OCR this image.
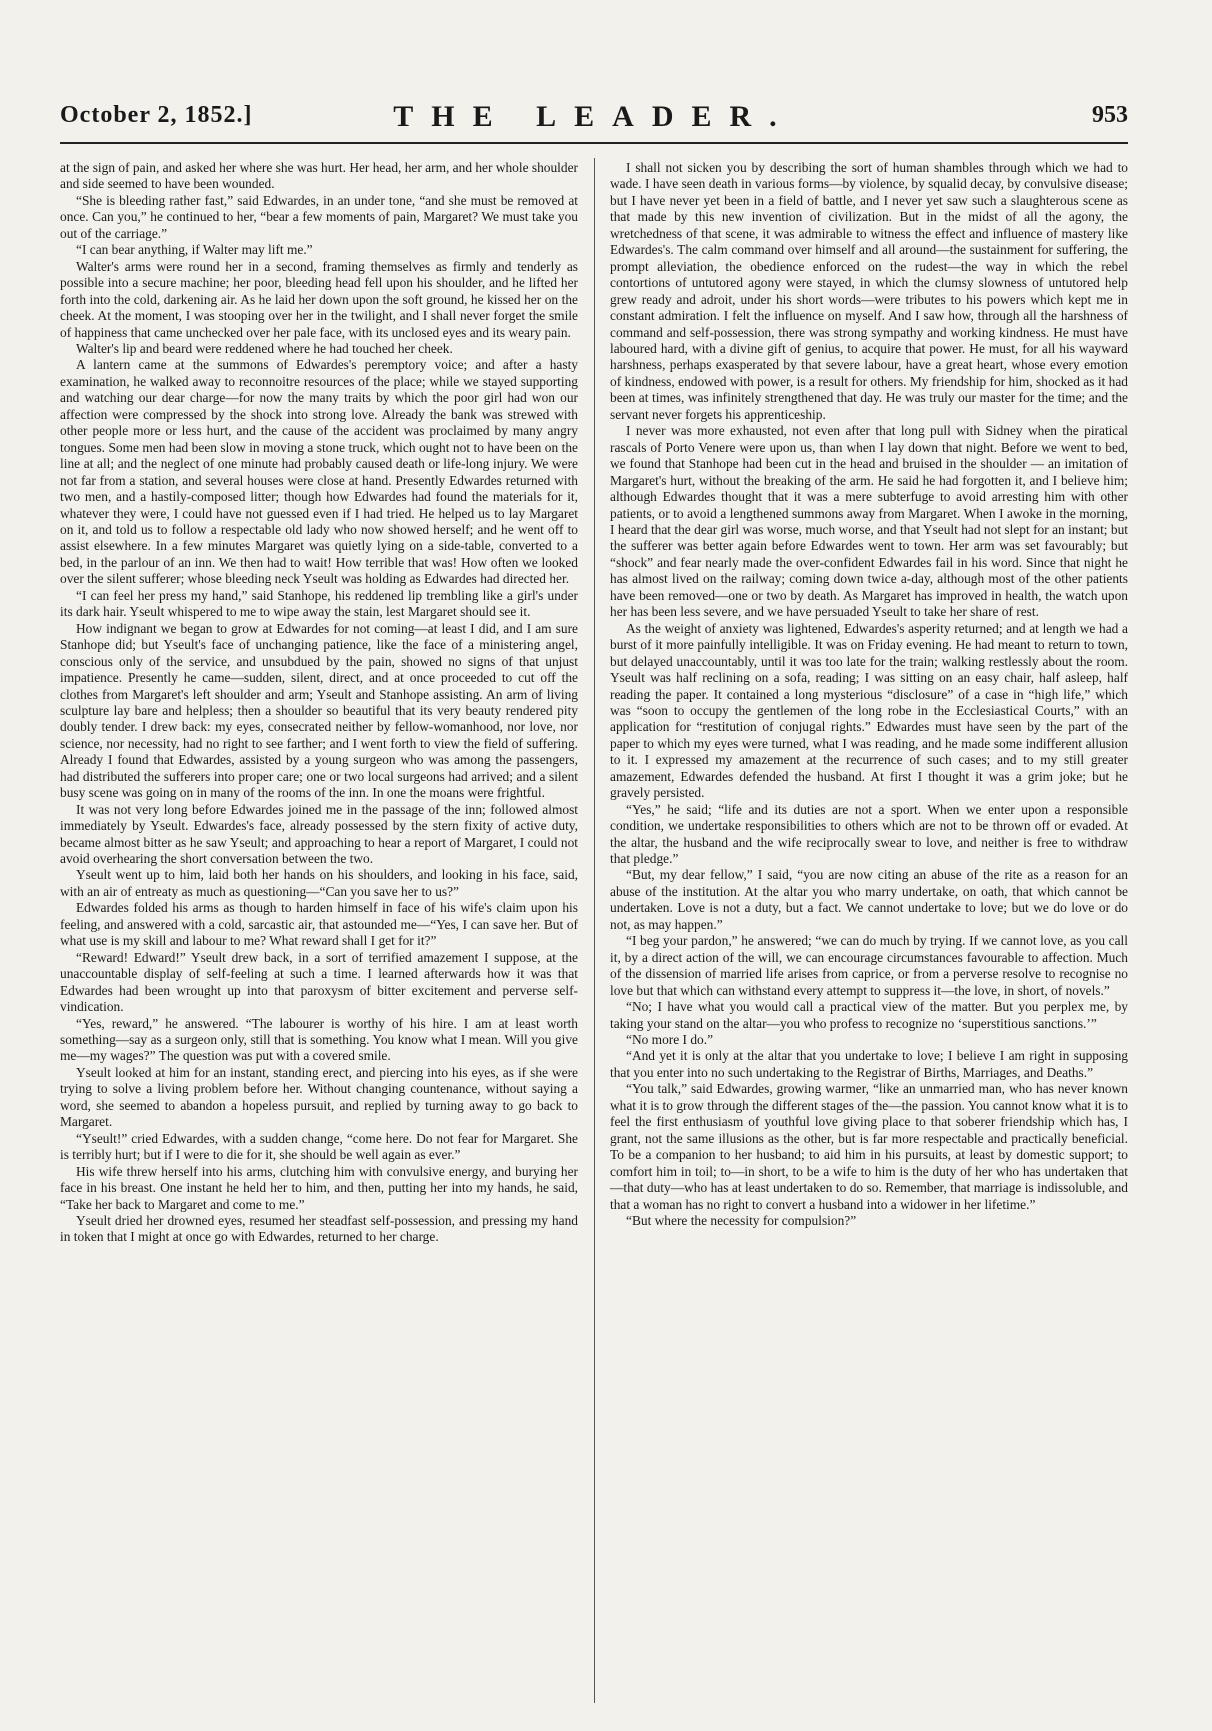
October 2, 1852.]	THE LEADER.	953

at the sign of pain, and asked her where she was hurt. Her head, her arm, and her whole shoulder and side seemed to have been wounded.

“She is bleeding rather fast,” said Edwardes, in an under tone, “and she must be removed at once. Can you,” he continued to her, “bear a few moments of pain, Margaret? We must take you out of the carriage.”

“I can bear anything, if Walter may lift me.”

Walter's arms were round her in a second, framing themselves as firmly and tenderly as possible into a secure machine; her poor, bleeding head fell upon his shoulder, and he lifted her forth into the cold, darkening air. As he laid her down upon the soft ground, he kissed her on the cheek. At the moment, I was stooping over her in the twilight, and I shall never forget the smile of happiness that came unchecked over her pale face, with its unclosed eyes and its weary pain.

Walter's lip and beard were reddened where he had touched her cheek.

A lantern came at the summons of Edwardes's peremptory voice; and after a hasty examination, he walked away to reconnoitre resources of the place; while we stayed supporting and watching our dear charge—for now the many traits by which the poor girl had won our affection were compressed by the shock into strong love. Already the bank was strewed with other people more or less hurt, and the cause of the accident was proclaimed by many angry tongues. Some men had been slow in moving a stone truck, which ought not to have been on the line at all; and the neglect of one minute had probably caused death or life-long injury. We were not far from a station, and several houses were close at hand. Presently Edwardes returned with two men, and a hastily-composed litter; though how Edwardes had found the materials for it, whatever they were, I could have not guessed even if I had tried. He helped us to lay Margaret on it, and told us to follow a respectable old lady who now showed herself; and he went off to assist elsewhere. In a few minutes Margaret was quietly lying on a side-table, converted to a bed, in the parlour of an inn. We then had to wait! How terrible that was! How often we looked over the silent sufferer; whose bleeding neck Yseult was holding as Edwardes had directed her.

“I can feel her press my hand,” said Stanhope, his reddened lip trembling like a girl's under its dark hair. Yseult whispered to me to wipe away the stain, lest Margaret should see it.

How indignant we began to grow at Edwardes for not coming—at least I did, and I am sure Stanhope did; but Yseult's face of unchanging patience, like the face of a ministering angel, conscious only of the service, and unsubdued by the pain, showed no signs of that unjust impatience. Presently he came—sudden, silent, direct, and at once proceeded to cut off the clothes from Margaret's left shoulder and arm; Yseult and Stanhope assisting. An arm of living sculpture lay bare and helpless; then a shoulder so beautiful that its very beauty rendered pity doubly tender. I drew back: my eyes, consecrated neither by fellow-womanhood, nor love, nor science, nor necessity, had no right to see farther; and I went forth to view the field of suffering. Already I found that Edwardes, assisted by a young surgeon who was among the passengers, had distributed the sufferers into proper care; one or two local surgeons had arrived; and a silent busy scene was going on in many of the rooms of the inn. In one the moans were frightful.

It was not very long before Edwardes joined me in the passage of the inn; followed almost immediately by Yseult. Edwardes's face, already possessed by the stern fixity of active duty, became almost bitter as he saw Yseult; and approaching to hear a report of Margaret, I could not avoid overhearing the short conversation between the two.

Yseult went up to him, laid both her hands on his shoulders, and looking in his face, said, with an air of entreaty as much as questioning—“Can you save her to us?”

Edwardes folded his arms as though to harden himself in face of his wife's claim upon his feeling, and answered with a cold, sarcastic air, that astounded me—“Yes, I can save her. But of what use is my skill and labour to me? What reward shall I get for it?”

“Reward! Edward!” Yseult drew back, in a sort of terrified amazement I suppose, at the unaccountable display of self-feeling at such a time. I learned afterwards how it was that Edwardes had been wrought up into that paroxysm of bitter excitement and perverse self-vindication.

“Yes, reward,” he answered. “The labourer is worthy of his hire. I am at least worth something—say as a surgeon only, still that is something. You know what I mean. Will you give me—my wages?” The question was put with a covered smile.

Yseult looked at him for an instant, standing erect, and piercing into his eyes, as if she were trying to solve a living problem before her. Without changing countenance, without saying a word, she seemed to abandon a hopeless pursuit, and replied by turning away to go back to Margaret.

“Yseult!” cried Edwardes, with a sudden change, “come here. Do not fear for Margaret. She is terribly hurt; but if I were to die for it, she should be well again as ever.”

His wife threw herself into his arms, clutching him with convulsive energy, and burying her face in his breast. One instant he held her to him, and then, putting her into my hands, he said, “Take her back to Margaret and come to me.”

Yseult dried her drowned eyes, resumed her steadfast self-possession, and pressing my hand in token that I might at once go with Edwardes, returned to her charge.

I shall not sicken you by describing the sort of human shambles through which we had to wade. I have seen death in various forms—by violence, by squalid decay, by convulsive disease; but I have never yet been in a field of battle, and I never yet saw such a slaughterous scene as that made by this new invention of civilization. But in the midst of all the agony, the wretchedness of that scene, it was admirable to witness the effect and influence of mastery like Edwardes's. The calm command over himself and all around—the sustainment for suffering, the prompt alleviation, the obedience enforced on the rudest—the way in which the rebel contortions of untutored agony were stayed, in which the clumsy slowness of untutored help grew ready and adroit, under his short words—were tributes to his powers which kept me in constant admiration. I felt the influence on myself. And I saw how, through all the harshness of command and self-possession, there was strong sympathy and working kindness. He must have laboured hard, with a divine gift of genius, to acquire that power. He must, for all his wayward harshness, perhaps exasperated by that severe labour, have a great heart, whose every emotion of kindness, endowed with power, is a result for others. My friendship for him, shocked as it had been at times, was infinitely strengthened that day. He was truly our master for the time; and the servant never forgets his apprenticeship.

I never was more exhausted, not even after that long pull with Sidney when the piratical rascals of Porto Venere were upon us, than when I lay down that night. Before we went to bed, we found that Stanhope had been cut in the head and bruised in the shoulder — an imitation of Margaret's hurt, without the breaking of the arm. He said he had forgotten it, and I believe him; although Edwardes thought that it was a mere subterfuge to avoid arresting him with other patients, or to avoid a lengthened summons away from Margaret. When I awoke in the morning, I heard that the dear girl was worse, much worse, and that Yseult had not slept for an instant; but the sufferer was better again before Edwardes went to town. Her arm was set favourably; but “shock” and fear nearly made the over-confident Edwardes fail in his word. Since that night he has almost lived on the railway; coming down twice a-day, although most of the other patients have been removed—one or two by death. As Margaret has improved in health, the watch upon her has been less severe, and we have persuaded Yseult to take her share of rest.

As the weight of anxiety was lightened, Edwardes's asperity returned; and at length we had a burst of it more painfully intelligible. It was on Friday evening. He had meant to return to town, but delayed unaccountably, until it was too late for the train; walking restlessly about the room. Yseult was half reclining on a sofa, reading; I was sitting on an easy chair, half asleep, half reading the paper. It contained a long mysterious “disclosure” of a case in “high life,” which was “soon to occupy the gentlemen of the long robe in the Ecclesiastical Courts,” with an application for “restitution of conjugal rights.” Edwardes must have seen by the part of the paper to which my eyes were turned, what I was reading, and he made some indifferent allusion to it. I expressed my amazement at the recurrence of such cases; and to my still greater amazement, Edwardes defended the husband. At first I thought it was a grim joke; but he gravely persisted.

“Yes,” he said; “life and its duties are not a sport. When we enter upon a responsible condition, we undertake responsibilities to others which are not to be thrown off or evaded. At the altar, the husband and the wife reciprocally swear to love, and neither is free to withdraw that pledge.”

“But, my dear fellow,” I said, “you are now citing an abuse of the rite as a reason for an abuse of the institution. At the altar you who marry undertake, on oath, that which cannot be undertaken. Love is not a duty, but a fact. We cannot undertake to love; but we do love or do not, as may happen.”

“I beg your pardon,” he answered; “we can do much by trying. If we cannot love, as you call it, by a direct action of the will, we can encourage circumstances favourable to affection. Much of the dissension of married life arises from caprice, or from a perverse resolve to recognise no love but that which can withstand every attempt to suppress it—the love, in short, of novels.”

“No; I have what you would call a practical view of the matter. But you perplex me, by taking your stand on the altar—you who profess to recognize no ‘superstitious sanctions.’”

“No more I do.”

“And yet it is only at the altar that you undertake to love; I believe I am right in supposing that you enter into no such undertaking to the Registrar of Births, Marriages, and Deaths.”

“You talk,” said Edwardes, growing warmer, “like an unmarried man, who has never known what it is to grow through the different stages of the—the passion. You cannot know what it is to feel the first enthusiasm of youthful love giving place to that soberer friendship which has, I grant, not the same illusions as the other, but is far more respectable and practically beneficial. To be a companion to her husband; to aid him in his pursuits, at least by domestic support; to comfort him in toil; to—in short, to be a wife to him is the duty of her who has undertaken that—that duty—who has at least undertaken to do so. Remember, that marriage is indissoluble, and that a woman has no right to convert a husband into a widower in her lifetime.”

“But where the necessity for compulsion?”
